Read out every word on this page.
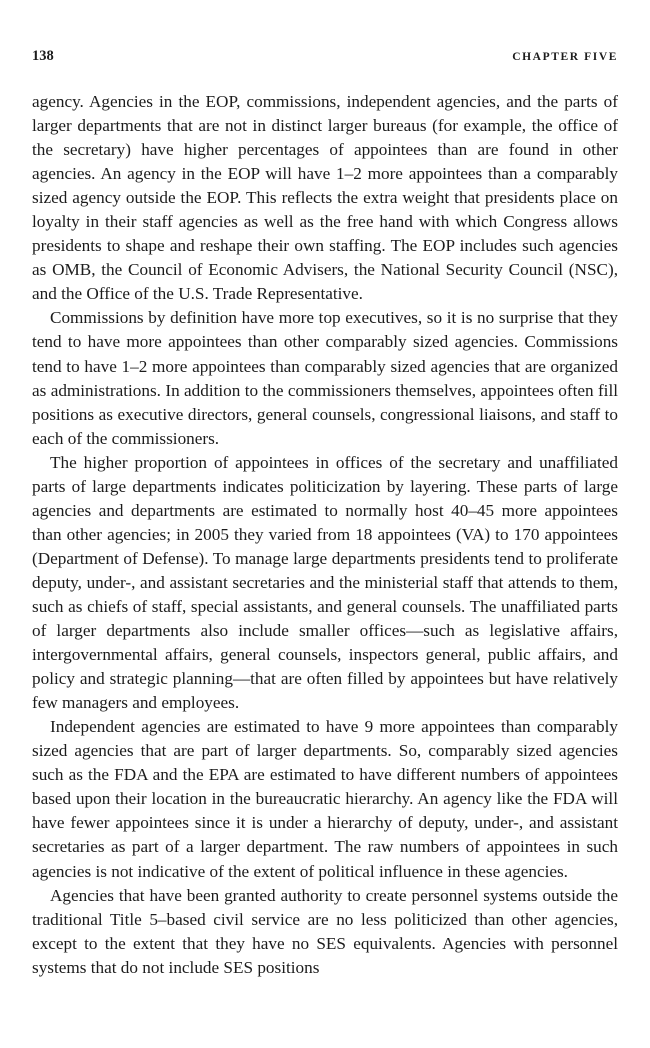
138	CHAPTER FIVE

agency. Agencies in the EOP, commissions, independent agencies, and the parts of larger departments that are not in distinct larger bureaus (for example, the office of the secretary) have higher percentages of appointees than are found in other agencies. An agency in the EOP will have 1–2 more appointees than a comparably sized agency outside the EOP. This reflects the extra weight that presidents place on loyalty in their staff agencies as well as the free hand with which Congress allows presidents to shape and reshape their own staffing. The EOP includes such agencies as OMB, the Council of Economic Advisers, the National Security Council (NSC), and the Office of the U.S. Trade Representative.

Commissions by definition have more top executives, so it is no surprise that they tend to have more appointees than other comparably sized agencies. Commissions tend to have 1–2 more appointees than comparably sized agencies that are organized as administrations. In addition to the commissioners themselves, appointees often fill positions as executive directors, general counsels, congressional liaisons, and staff to each of the commissioners.

The higher proportion of appointees in offices of the secretary and unaffiliated parts of large departments indicates politicization by layering. These parts of large agencies and departments are estimated to normally host 40–45 more appointees than other agencies; in 2005 they varied from 18 appointees (VA) to 170 appointees (Department of Defense). To manage large departments presidents tend to proliferate deputy, under-, and assistant secretaries and the ministerial staff that attends to them, such as chiefs of staff, special assistants, and general counsels. The unaffiliated parts of larger departments also include smaller offices—such as legislative affairs, intergovernmental affairs, general counsels, inspectors general, public affairs, and policy and strategic planning—that are often filled by appointees but have relatively few managers and employees.

Independent agencies are estimated to have 9 more appointees than comparably sized agencies that are part of larger departments. So, comparably sized agencies such as the FDA and the EPA are estimated to have different numbers of appointees based upon their location in the bureaucratic hierarchy. An agency like the FDA will have fewer appointees since it is under a hierarchy of deputy, under-, and assistant secretaries as part of a larger department. The raw numbers of appointees in such agencies is not indicative of the extent of political influence in these agencies.

Agencies that have been granted authority to create personnel systems outside the traditional Title 5–based civil service are no less politicized than other agencies, except to the extent that they have no SES equivalents. Agencies with personnel systems that do not include SES positions
